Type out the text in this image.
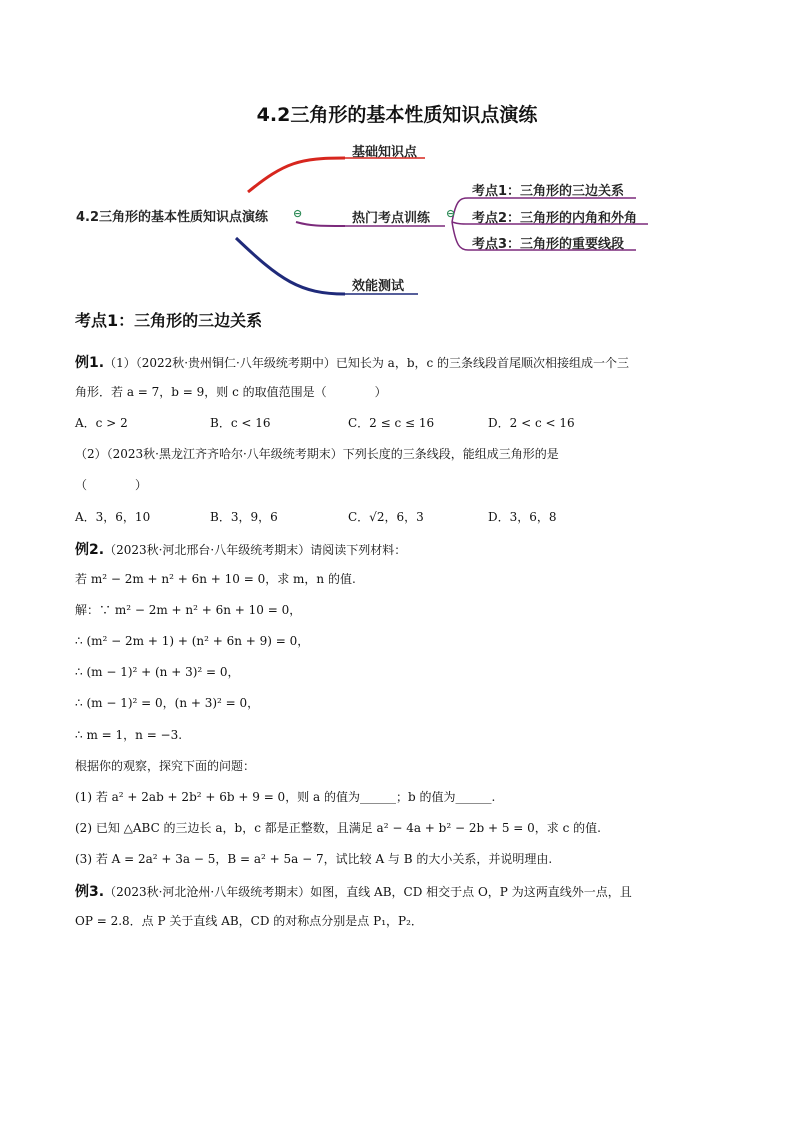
4.2三角形的基本性质知识点演练
4.2三角形的基本性质知识点演练 ⊖
基础知识点
热门考点训练 ⊖
效能测试
考点1：三角形的三边关系
考点2：三角形的内角和外角
考点3：三角形的重要线段
考点1：三角形的三边关系
例1.（1）（2022秋·贵州铜仁·八年级统考期中）已知长为 a，b，c 的三条线段首尾顺次相接组成一个三
角形．若 a = 7，b = 9，则 c 的取值范围是（　　　　）
A．c > 2	B．c < 16	C．2 ≤ c ≤ 16	D．2 < c < 16
（2）（2023秋·黑龙江齐齐哈尔·八年级统考期末）下列长度的三条线段，能组成三角形的是
（　　　　）
A．3，6，10	B．3，9，6	C．√2，6，3	D．3，6，8
例2.（2023秋·河北邢台·八年级统考期末）请阅读下列材料：
若 m² − 2m + n² + 6n + 10 = 0，求 m，n 的值.
解：∵ m² − 2m + n² + 6n + 10 = 0，
∴ (m² − 2m + 1) + (n² + 6n + 9) = 0，
∴ (m − 1)² + (n + 3)² = 0，
∴ (m − 1)² = 0，(n + 3)² = 0，
∴ m = 1，n = −3.
根据你的观察，探究下面的问题：
(1) 若 a² + 2ab + 2b² + 6b + 9 = 0，则 a 的值为______；b 的值为______.
(2) 已知 △ABC 的三边长 a，b，c 都是正整数，且满足 a² − 4a + b² − 2b + 5 = 0，求 c 的值.
(3) 若 A = 2a² + 3a − 5，B = a² + 5a − 7，试比较 A 与 B 的大小关系，并说明理由.
例3.（2023秋·河北沧州·八年级统考期末）如图，直线 AB，CD 相交于点 O，P 为这两直线外一点，且
OP = 2.8．点 P 关于直线 AB，CD 的对称点分别是点 P₁，P₂．
